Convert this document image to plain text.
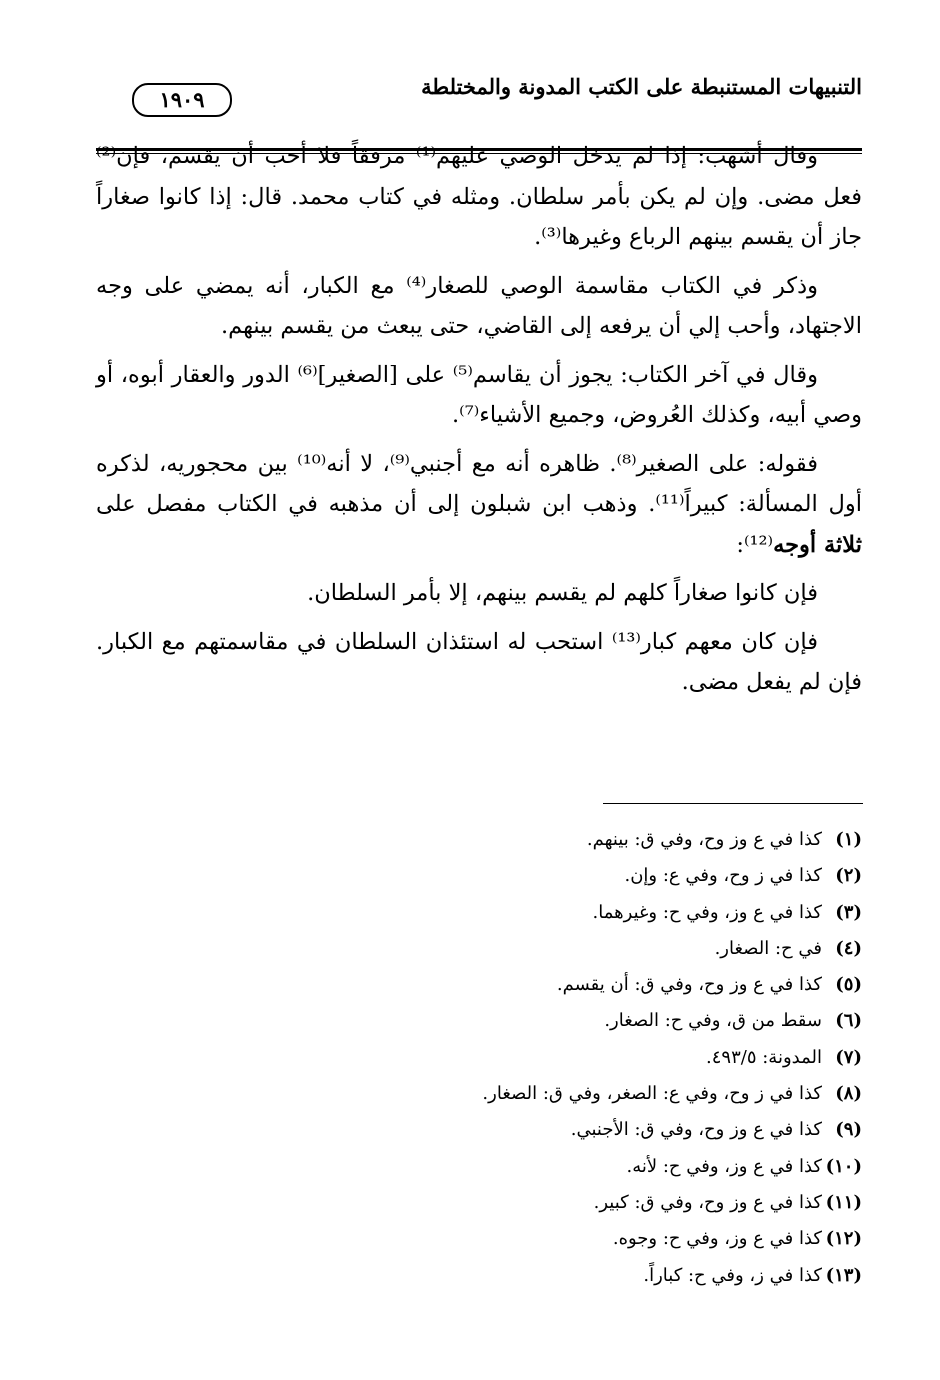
التنبيهات المستنبطة على الكتب المدونة والمختلطة
١٩٠٩

وقال أشهب: إذا لم يدخل الوصي عليهم⁽¹⁾ مرفقاً فلا أحب أن يقسم، فإن⁽²⁾ فعل مضى. وإن لم يكن بأمر سلطان. ومثله في كتاب محمد. قال: إذا كانوا صغاراً جاز أن يقسم بينهم الرباع وغيرها⁽³⁾.

وذكر في الكتاب مقاسمة الوصي للصغار⁽⁴⁾ مع الكبار، أنه يمضي على وجه الاجتهاد، وأحب إلي أن يرفعه إلى القاضي، حتى يبعث من يقسم بينهم.

وقال في آخر الكتاب: يجوز أن يقاسم⁽⁵⁾ على [الصغير]⁽⁶⁾ الدور والعقار أبوه، أو وصي أبيه، وكذلك العُروض، وجميع الأشياء⁽⁷⁾.

فقوله: على الصغير⁽⁸⁾. ظاهره أنه مع أجنبي⁽⁹⁾، لا أنه⁽¹⁰⁾ بين محجوريه، لذكره أول المسألة: كبيراً⁽¹¹⁾. وذهب ابن شبلون إلى أن مذهبه في الكتاب مفصل على ثلاثة أوجه⁽¹²⁾:

فإن كانوا صغاراً كلهم لم يقسم بينهم، إلا بأمر السلطان.

فإن كان معهم كبار⁽¹³⁾ استحب له استئذان السلطان في مقاسمتهم مع الكبار. فإن لم يفعل مضى.

(١)
كذا في ع وز وح، وفي ق: بينهم.
(٢)
كذا في ز وح، وفي ع: وإن.
(٣)
كذا في ع وز، وفي ح: وغيرهما.
(٤)
في ح: الصغار.
(٥)
كذا في ع وز وح، وفي ق: أن يقسم.
(٦)
سقط من ق، وفي ح: الصغار.
(٧)
المدونة: ٤٩٣/٥.
(٨)
كذا في ز وح، وفي ع: الصغر، وفي ق: الصغار.
(٩)
كذا في ع وز وح، وفي ق: الأجنبي.
(١٠)
كذا في ع وز، وفي ح: لأنه.
(١١)
كذا في ع وز وح، وفي ق: كبير.
(١٢)
كذا في ع وز، وفي ح: وجوه.
(١٣)
كذا في ز، وفي ح: كباراً.
